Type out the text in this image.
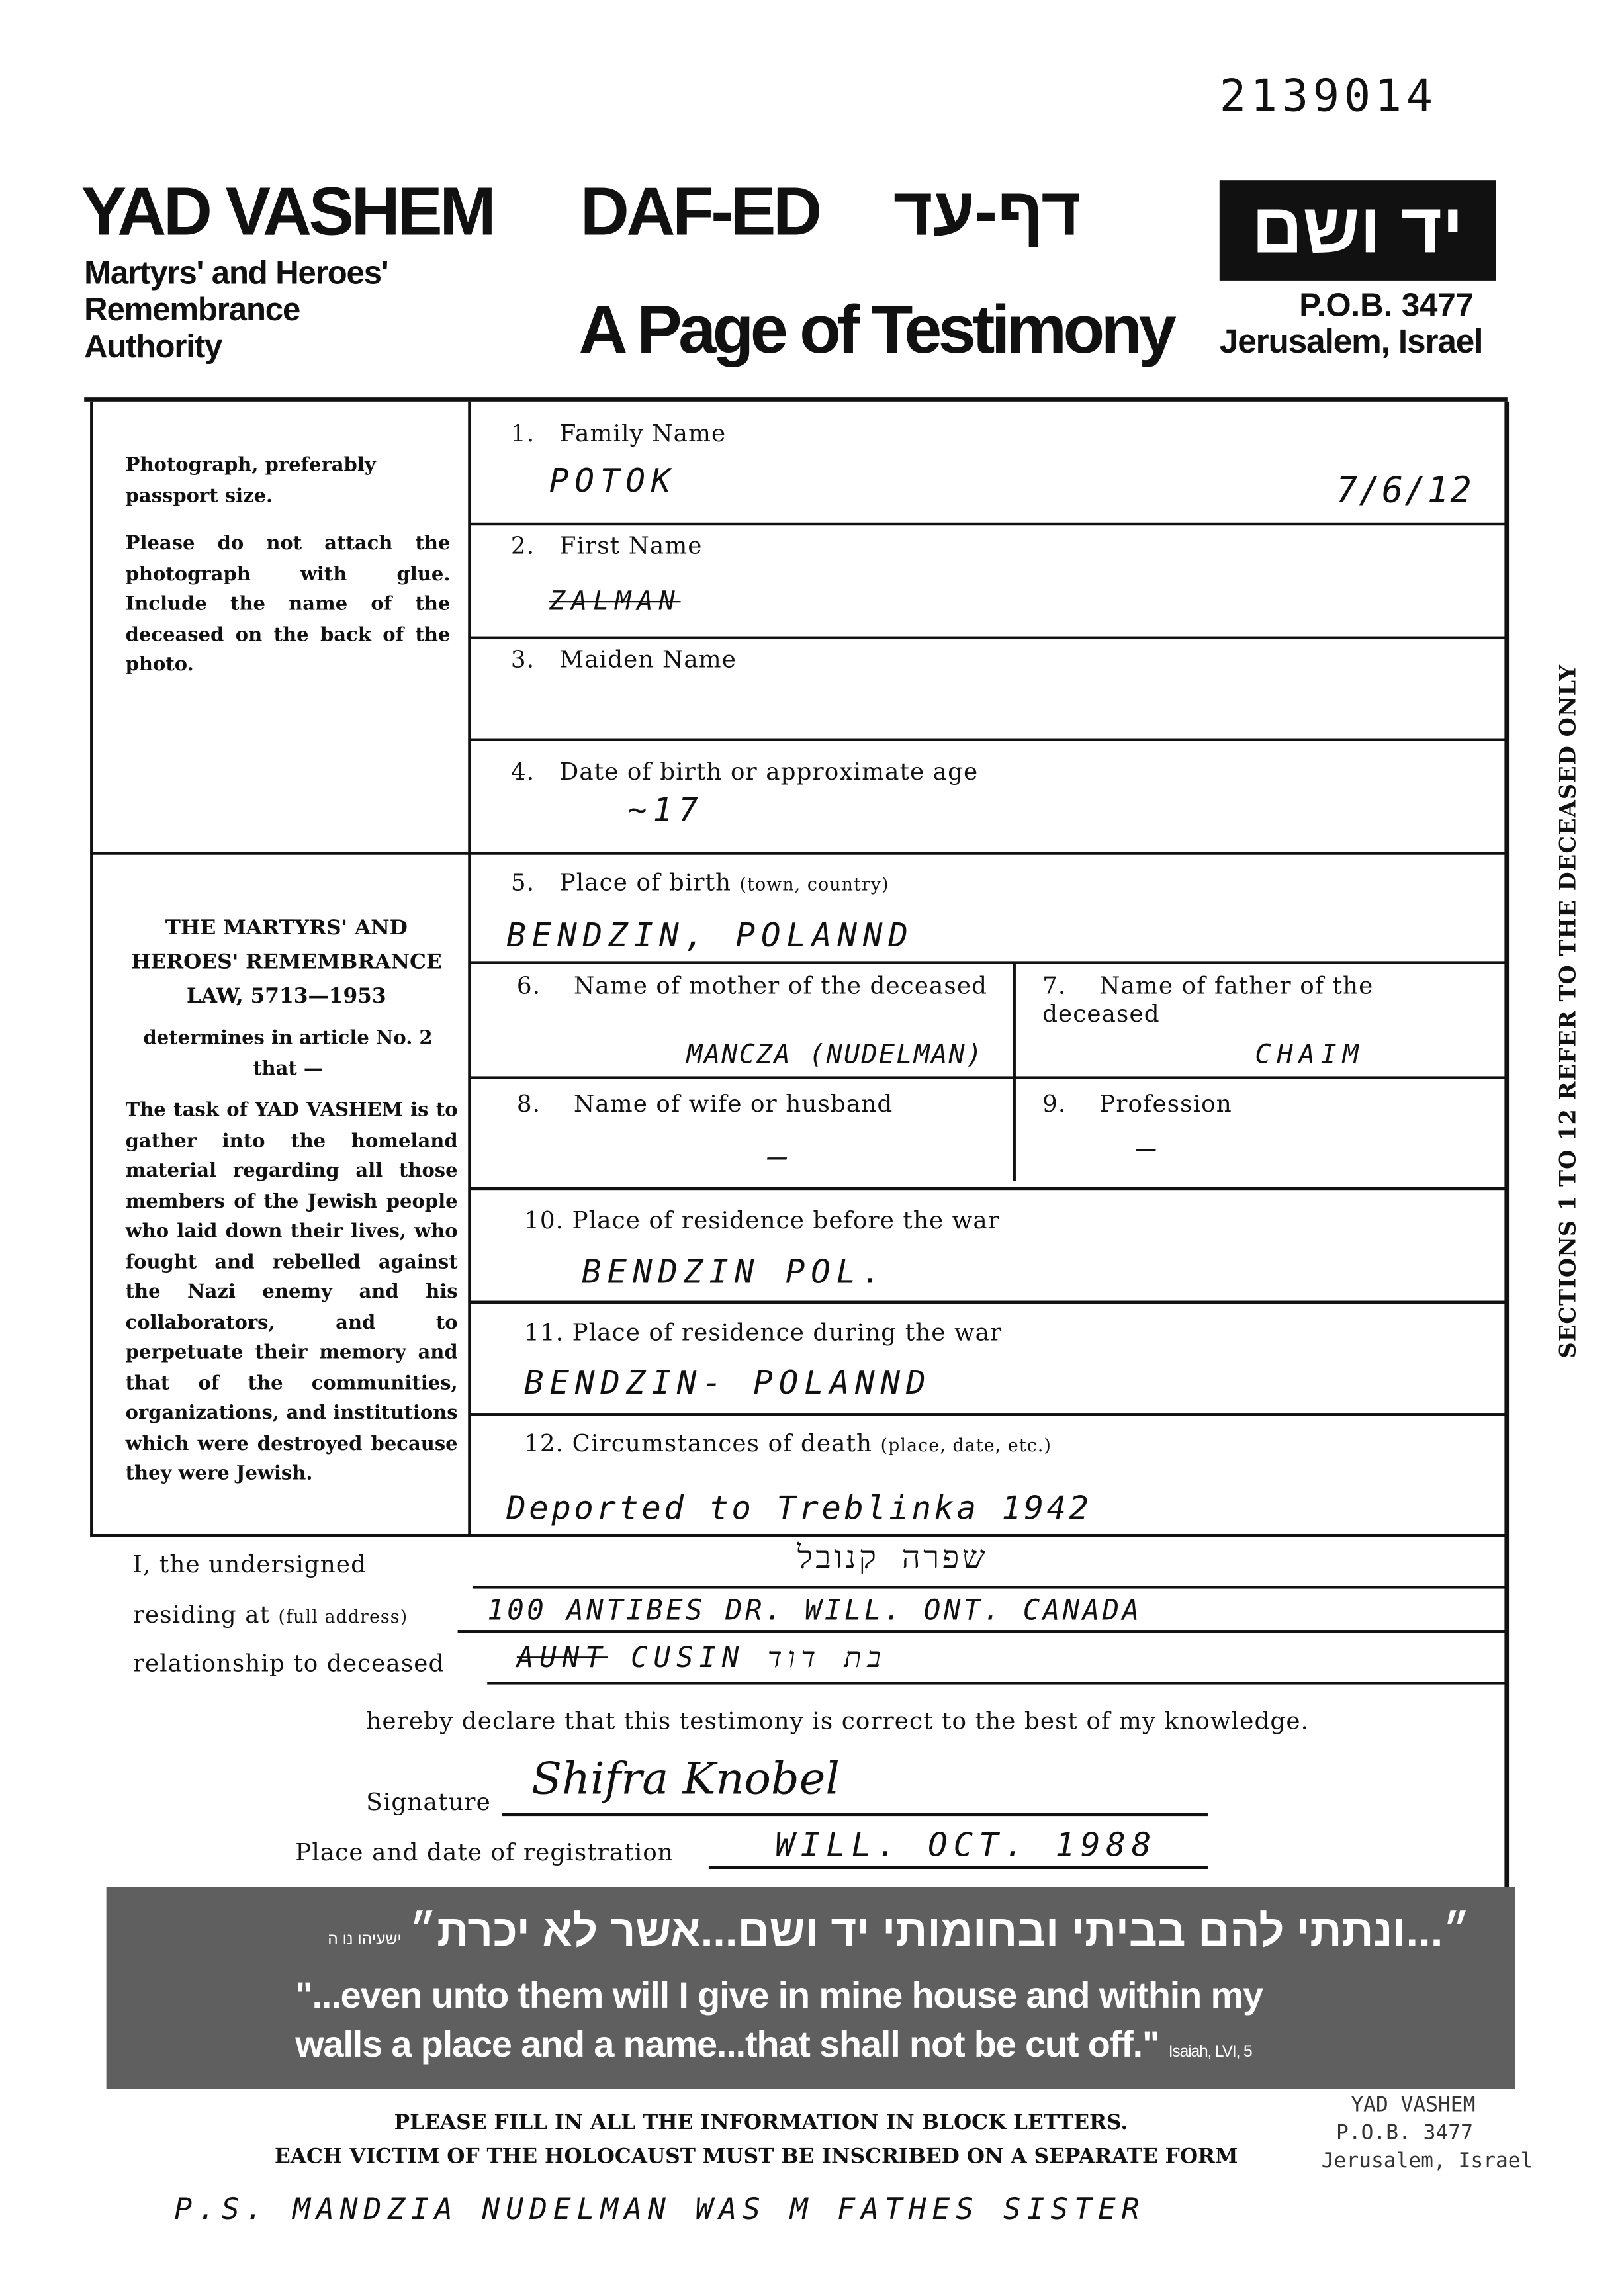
2139014
YAD VASHEM
Martyrs' and Heroes'
Remembrance
Authority
DAF-ED דף-עד
A Page of Testimony
יד ושם
P.O.B. 3477
Jerusalem, Israel
Photograph, preferably passport size.
Please do not attach the photograph with glue. Include the name of the deceased on the back of the photo.
THE MARTYRS' AND HEROES' REMEMBRANCE LAW, 5713—1953
determines in article No. 2 that —
The task of YAD VASHEM is to gather into the homeland material regarding all those members of the Jewish people who laid down their lives, who fought and rebelled against the Nazi enemy and his collaborators, and to perpetuate their memory and that of the communities, organizations, and institutions which were destroyed because they were Jewish.
1. Family Name
POTOK	7/6/12
2. First Name
ZALMAN
3. Maiden Name
4. Date of birth or approximate age
~17
5. Place of birth (town, country)
BENDZIN, POLANND
6.	Name of mother of the deceased
MANCZA (NUDELMAN)
7.	Name of father of the deceased
CHAIM
8.	Name of wife or husband
—
9.	Profession
—
10. Place of residence before the war
BENDZIN POL.
11. Place of residence during the war
BENDZIN- POLANND
12. Circumstances of death (place, date, etc.)
Deported to Treblinka 1942
I, the undersigned	שפרה קנובל
residing at (full address)	100 ANTIBES DR. WILL. ONT. CANADA
relationship to deceased	AUNT CUSIN בת דוד
hereby declare that this testimony is correct to the best of my knowledge.
Signature Shifra Knobel
Place and date of registration	WILL. OCT. 1988
״...ונתתי להם בביתי ובחומותי יד ושם...אשר לא יכרת״
ישעיהו נו ה
"...even unto them will I give in mine house and within my
walls a place and a name...that shall not be cut off." Isaiah, LVI, 5
YAD VASHEM
P.O.B. 3477
Jerusalem, Israel
PLEASE FILL IN ALL THE INFORMATION IN BLOCK LETTERS.
EACH VICTIM OF THE HOLOCAUST MUST BE INSCRIBED ON A SEPARATE FORM
P.S. MANDZIA NUDELMAN WAS M FATHES SISTER
SECTIONS 1 TO 12 REFER TO THE DECEASED ONLY
